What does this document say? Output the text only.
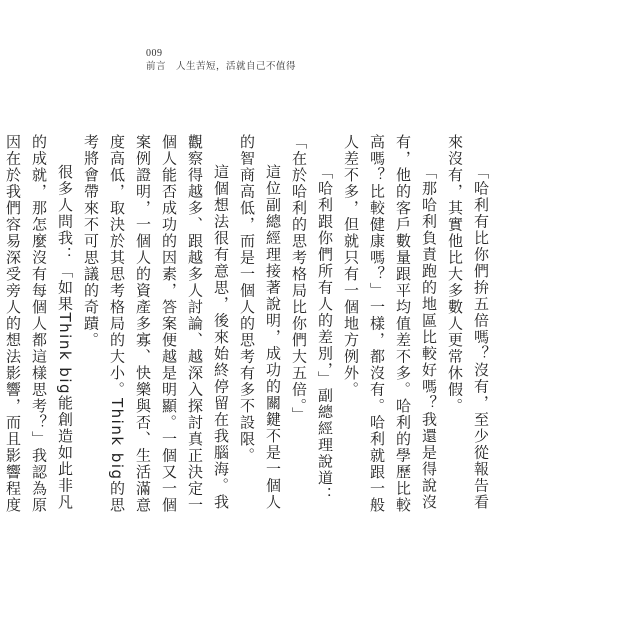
009
前言　人生苦短，活就自己不值得

「哈利有比你們拚五倍嗎？沒有，至少從報告看來沒有，其實他比大多數人更常休假。

「那哈利負責跑的地區比較好嗎？我還是得說沒有，他的客戶數量跟平均值差不多。哈利的學歷比較高嗎？比較健康嗎？」一樣，都沒有。哈利就跟一般人差不多，但就只有一個地方例外。

「哈利跟你們所有人的差別，」副總經理說道：「在於哈利的思考格局比你們大五倍。」

這位副總經理接著說明，成功的關鍵不是一個人的智商高低，而是一個人的思考有多不設限。

這個想法很有意思，後來始終停留在我腦海。我觀察得越多、跟越多人討論、越深入探討真正決定一個人能否成功的因素，答案便越是明顯。一個又一個案例證明，一個人的資產多寡、快樂與否、生活滿意度高低，取決於其思考格局的大小。Think big的思考將會帶來不可思議的奇蹟。

很多人問我：「如果Think big能創造如此非凡的成就，那怎麼沒有每個人都這樣思考？」我認為原因在於我們容易深受旁人的想法影響，而且影響程度
